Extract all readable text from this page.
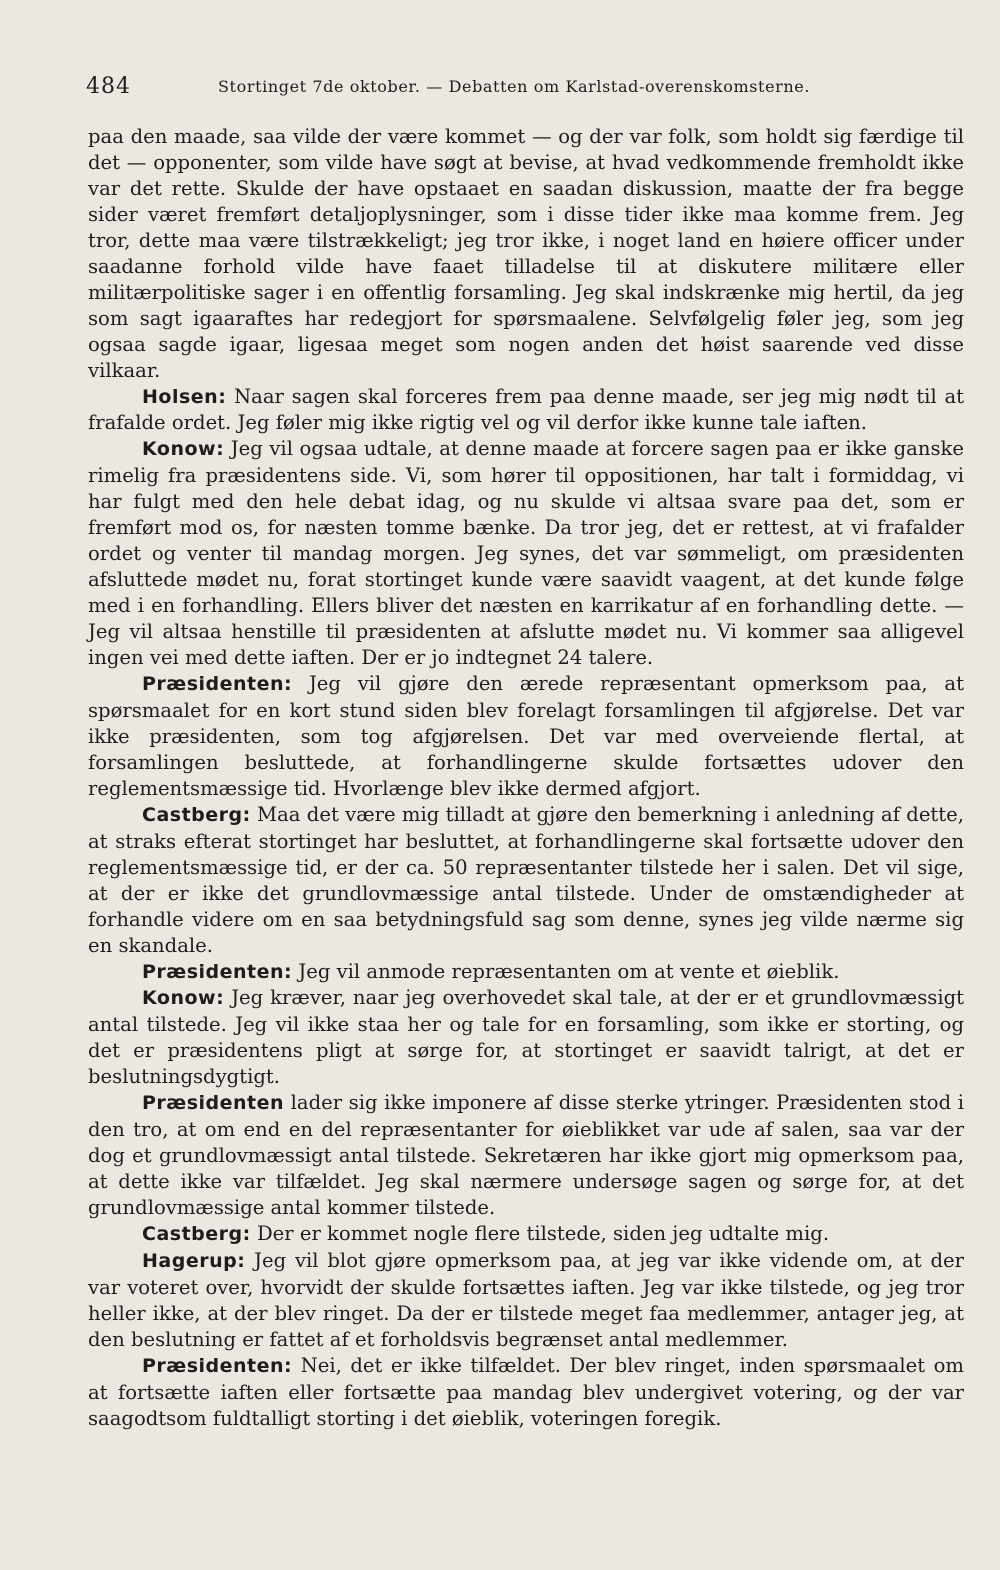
484	Stortinget 7de oktober. — Debatten om Karlstad-overenskomsterne.

paa den maade, saa vilde der være kommet — og der var folk, som holdt sig færdige til det — opponenter, som vilde have søgt at bevise, at hvad vedkommende fremholdt ikke var det rette. Skulde der have opstaaet en saadan diskussion, maatte der fra begge sider været fremført detaljoplysninger, som i disse tider ikke maa komme frem. Jeg tror, dette maa være tilstrækkeligt; jeg tror ikke, i noget land en høiere officer under saadanne forhold vilde have faaet tilladelse til at diskutere militære eller militærpolitiske sager i en offentlig forsamling. Jeg skal indskrænke mig hertil, da jeg som sagt igaaraftes har redegjort for spørsmaalene. Selvfølgelig føler jeg, som jeg ogsaa sagde igaar, ligesaa meget som nogen anden det høist saarende ved disse vilkaar.

Holsen: Naar sagen skal forceres frem paa denne maade, ser jeg mig nødt til at frafalde ordet. Jeg føler mig ikke rigtig vel og vil derfor ikke kunne tale iaften.

Konow: Jeg vil ogsaa udtale, at denne maade at forcere sagen paa er ikke ganske rimelig fra præsidentens side. Vi, som hører til oppositionen, har talt i formiddag, vi har fulgt med den hele debat idag, og nu skulde vi altsaa svare paa det, som er fremført mod os, for næsten tomme bænke. Da tror jeg, det er rettest, at vi frafalder ordet og venter til mandag morgen. Jeg synes, det var sømmeligt, om præsidenten afsluttede mødet nu, forat stortinget kunde være saavidt vaagent, at det kunde følge med i en forhandling. Ellers bliver det næsten en karrikatur af en forhandling dette. — Jeg vil altsaa henstille til præsidenten at afslutte mødet nu. Vi kommer saa alligevel ingen vei med dette iaften. Der er jo indtegnet 24 talere.

Præsidenten: Jeg vil gjøre den ærede repræsentant opmerksom paa, at spørsmaalet for en kort stund siden blev forelagt forsamlingen til afgjørelse. Det var ikke præsidenten, som tog afgjørelsen. Det var med overveiende flertal, at forsamlingen besluttede, at forhandlingerne skulde fortsættes udover den reglementsmæssige tid. Hvorlænge blev ikke dermed afgjort.

Castberg: Maa det være mig tilladt at gjøre den bemerkning i anledning af dette, at straks efterat stortinget har besluttet, at forhandlingerne skal fortsætte udover den reglementsmæssige tid, er der ca. 50 repræsentanter tilstede her i salen. Det vil sige, at der er ikke det grundlovmæssige antal tilstede. Under de omstændigheder at forhandle videre om en saa betydningsfuld sag som denne, synes jeg vilde nærme sig en skandale.

Præsidenten: Jeg vil anmode repræsentanten om at vente et øieblik.

Konow: Jeg kræver, naar jeg overhovedet skal tale, at der er et grundlovmæssigt antal tilstede. Jeg vil ikke staa her og tale for en forsamling, som ikke er storting, og det er præsidentens pligt at sørge for, at stortinget er saavidt talrigt, at det er beslutningsdygtigt.

Præsidenten lader sig ikke imponere af disse sterke ytringer. Præsidenten stod i den tro, at om end en del repræsentanter for øieblikket var ude af salen, saa var der dog et grundlovmæssigt antal tilstede. Sekretæren har ikke gjort mig opmerksom paa, at dette ikke var tilfældet. Jeg skal nærmere undersøge sagen og sørge for, at det grundlovmæssige antal kommer tilstede.

Castberg: Der er kommet nogle flere tilstede, siden jeg udtalte mig.

Hagerup: Jeg vil blot gjøre opmerksom paa, at jeg var ikke vidende om, at der var voteret over, hvorvidt der skulde fortsættes iaften. Jeg var ikke tilstede, og jeg tror heller ikke, at der blev ringet. Da der er tilstede meget faa medlemmer, antager jeg, at den beslutning er fattet af et forholdsvis begrænset antal medlemmer.

Præsidenten: Nei, det er ikke tilfældet. Der blev ringet, inden spørsmaalet om at fortsætte iaften eller fortsætte paa mandag blev undergivet votering, og der var saagodtsom fuldtalligt storting i det øieblik, voteringen foregik.
